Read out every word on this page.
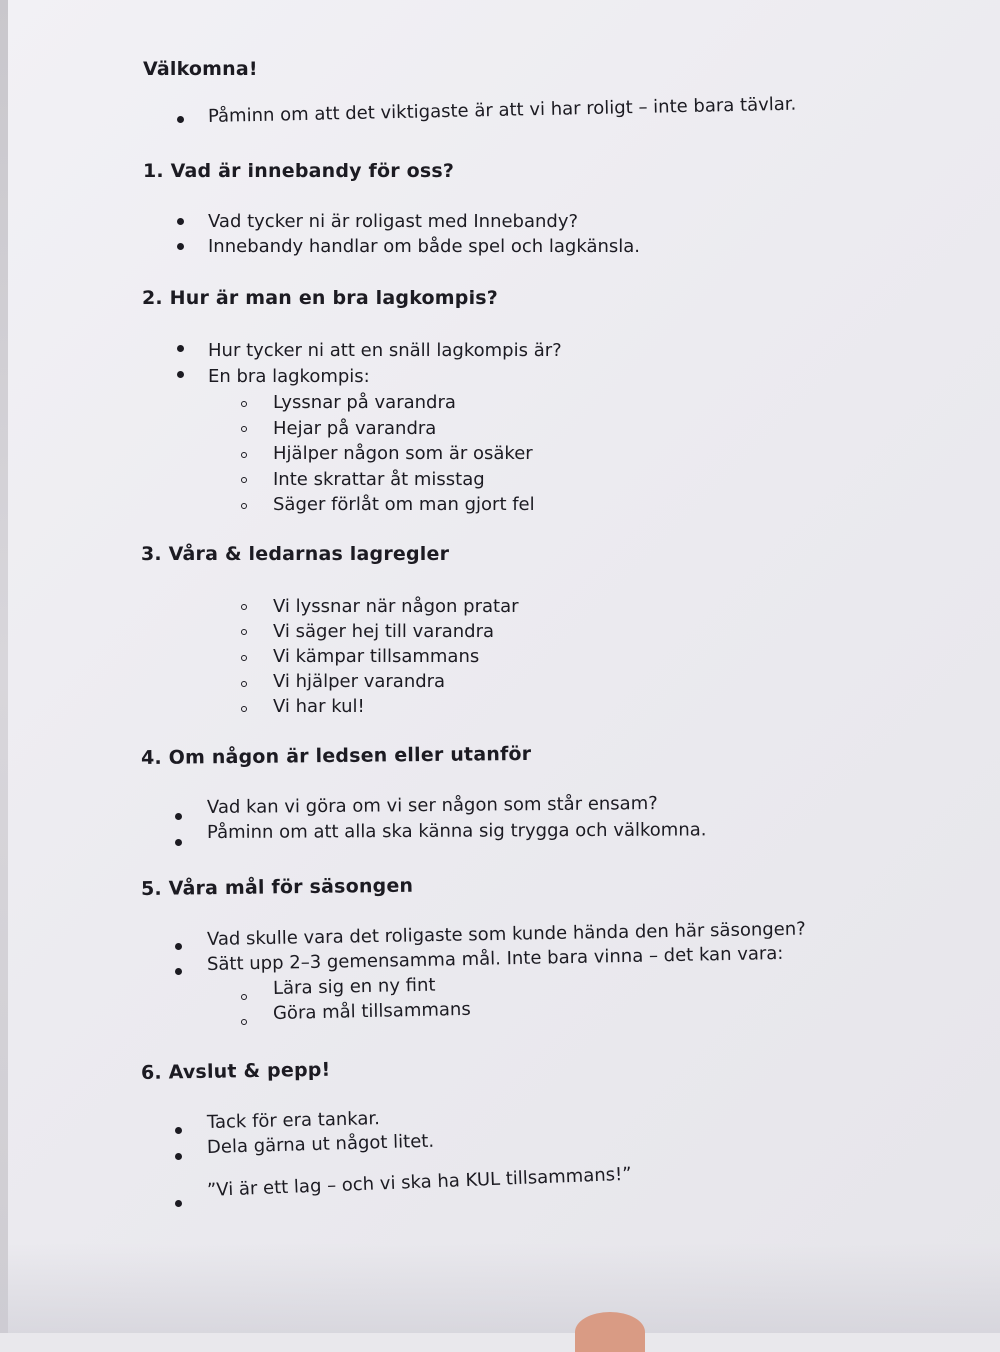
Välkomna!
Påminn om att det viktigaste är att vi har roligt – inte bara tävlar.
1. Vad är innebandy för oss?
Vad tycker ni är roligast med Innebandy?
Innebandy handlar om både spel och lagkänsla.
2. Hur är man en bra lagkompis?
Hur tycker ni att en snäll lagkompis är?
En bra lagkompis:
Lyssnar på varandra
Hejar på varandra
Hjälper någon som är osäker
Inte skrattar åt misstag
Säger förlåt om man gjort fel
3. Våra & ledarnas lagregler
Vi lyssnar när någon pratar
Vi säger hej till varandra
Vi kämpar tillsammans
Vi hjälper varandra
Vi har kul!
4. Om någon är ledsen eller utanför
Vad kan vi göra om vi ser någon som står ensam?
Påminn om att alla ska känna sig trygga och välkomna.
5. Våra mål för säsongen
Vad skulle vara det roligaste som kunde hända den här säsongen?
Sätt upp 2–3 gemensamma mål. Inte bara vinna – det kan vara:
Lära sig en ny fint
Göra mål tillsammans
6. Avslut & pepp!
Tack för era tankar.
Dela gärna ut något litet.
”Vi är ett lag – och vi ska ha KUL tillsammans!”
